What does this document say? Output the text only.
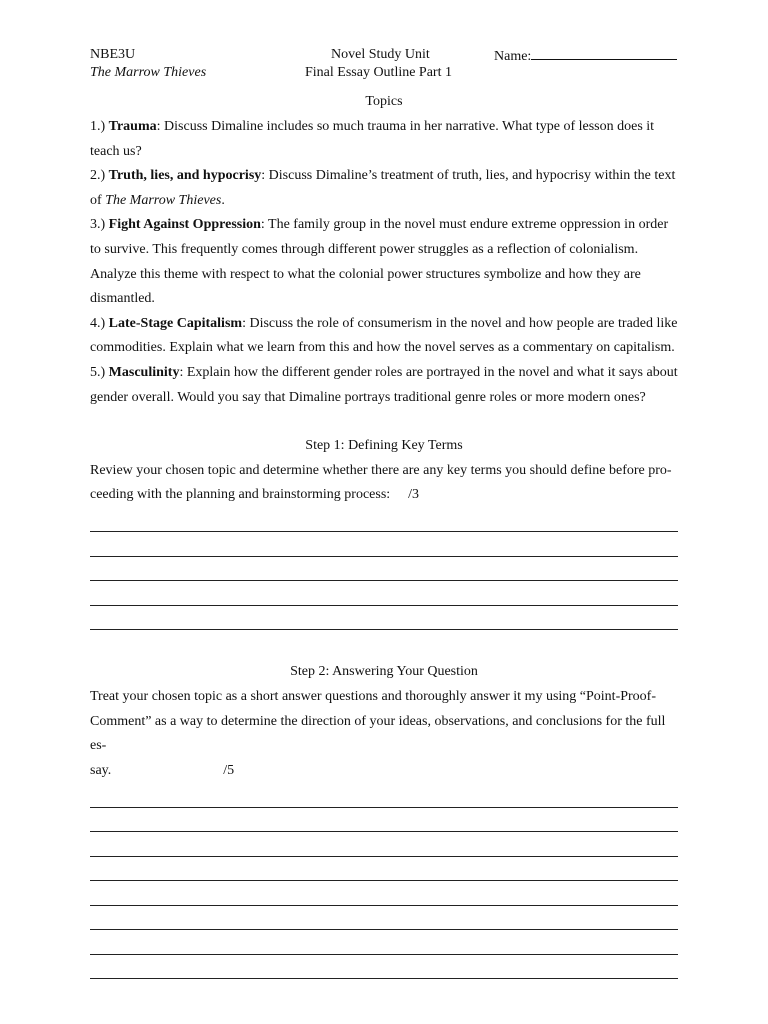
NBE3U
The Marrow Thieves
Novel Study Unit
Final Essay Outline Part 1
Name:
Topics

1.) Trauma: Discuss Dimaline includes so much trauma in her narrative. What type of lesson does it teach us?

2.) Truth, lies, and hypocrisy: Discuss Dimaline’s treatment of truth, lies, and hypocrisy within the text of The Marrow Thieves.

3.) Fight Against Oppression: The family group in the novel must endure extreme oppression in order to survive. This frequently comes through different power struggles as a reflection of colonialism. Analyze this theme with respect to what the colonial power structures symbolize and how they are dismantled.

4.) Late-Stage Capitalism: Discuss the role of consumerism in the novel and how people are traded like commodities. Explain what we learn from this and how the novel serves as a commentary on capitalism.

5.) Masculinity: Explain how the different gender roles are portrayed in the novel and what it says about gender overall. Would you say that Dimaline portrays traditional genre roles or more modern ones?

Step 1: Defining Key Terms

Review your chosen topic and determine whether there are any key terms you should define before pro-

ceeding with the planning and brainstorming process: /3

Step 2: Answering Your Question

Treat your chosen topic as a short answer questions and thoroughly answer it my using “Point-Proof-

Comment” as a way to determine the direction of your ideas, observations, and conclusions for the full es-

say.	/5
